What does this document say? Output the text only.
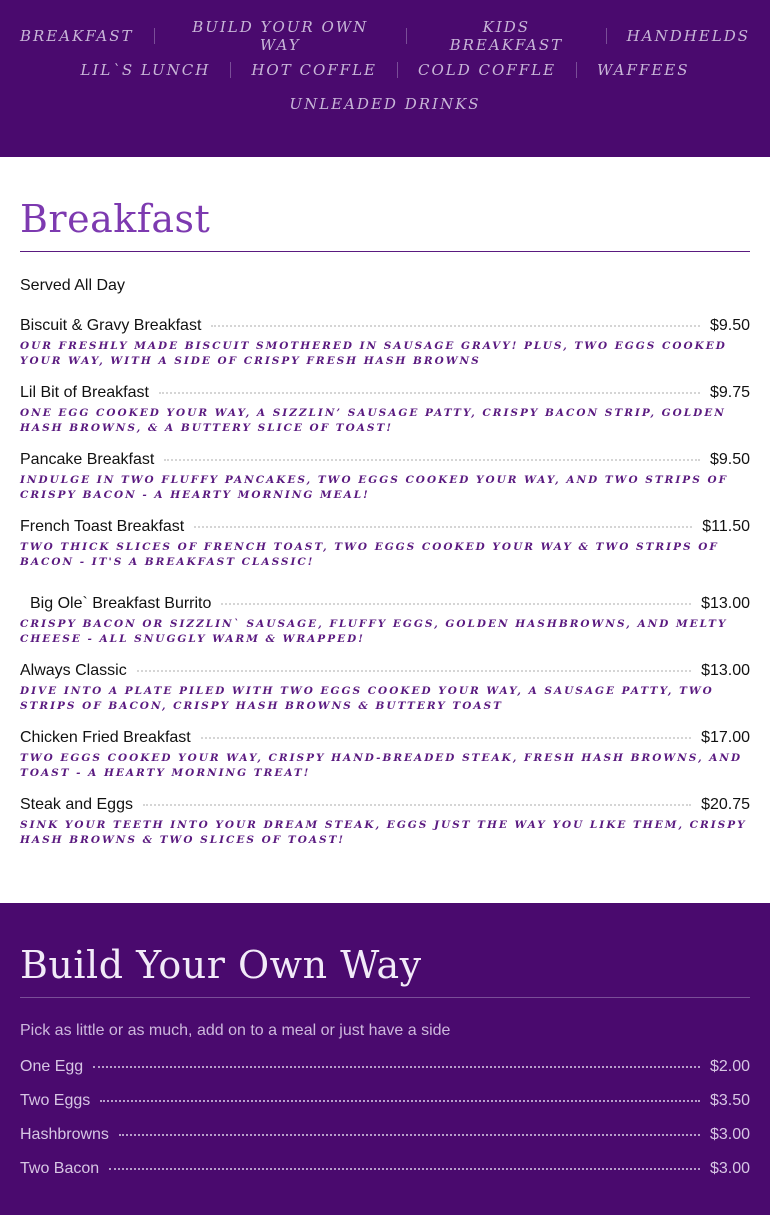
BREAKFAST	BUILD YOUR OWN WAY
KIDS BREAKFAST	HANDHELDS
LIL`S LUNCH	HOT COFFLE	COLD COFFLE	WAFFEES
UNLEADED DRINKS
Breakfast
Served All Day
Biscuit & Gravy Breakfast	$9.50
OUR FRESHLY MADE BISCUIT SMOTHERED IN SAUSAGE GRAVY! PLUS, TWO EGGS COOKED YOUR WAY, WITH A SIDE OF CRISPY FRESH HASH BROWNS
Lil Bit of Breakfast	$9.75
ONE EGG COOKED YOUR WAY, A SIZZLIN’ SAUSAGE PATTY, CRISPY BACON STRIP, GOLDEN HASH BROWNS, & A BUTTERY SLICE OF TOAST!
Pancake Breakfast	$9.50
INDULGE IN TWO FLUFFY PANCAKES, TWO EGGS COOKED YOUR WAY, AND TWO STRIPS OF CRISPY BACON - A HEARTY MORNING MEAL!
French Toast Breakfast	$11.50
TWO THICK SLICES OF FRENCH TOAST, TWO EGGS COOKED YOUR WAY & TWO STRIPS OF BACON - IT'S A BREAKFAST CLASSIC!
Big Ole` Breakfast Burrito	$13.00
CRISPY BACON OR SIZZLIN` SAUSAGE, FLUFFY EGGS, GOLDEN HASHBROWNS, AND MELTY CHEESE - ALL SNUGGLY WARM & WRAPPED!
Always Classic	$13.00
DIVE INTO A PLATE PILED WITH TWO EGGS COOKED YOUR WAY, A SAUSAGE PATTY, TWO STRIPS OF BACON, CRISPY HASH BROWNS & BUTTERY TOAST
Chicken Fried Breakfast	$17.00
TWO EGGS COOKED YOUR WAY, CRISPY HAND-BREADED STEAK, FRESH HASH BROWNS, AND TOAST - A HEARTY MORNING TREAT!
Steak and Eggs	$20.75
SINK YOUR TEETH INTO YOUR DREAM STEAK, EGGS JUST THE WAY YOU LIKE THEM, CRISPY HASH BROWNS & TWO SLICES OF TOAST!
Build Your Own Way
Pick as little or as much, add on to a meal or just have a side
One Egg	$2.00
Two Eggs	$3.50
Hashbrowns	$3.00
Two Bacon	$3.00
